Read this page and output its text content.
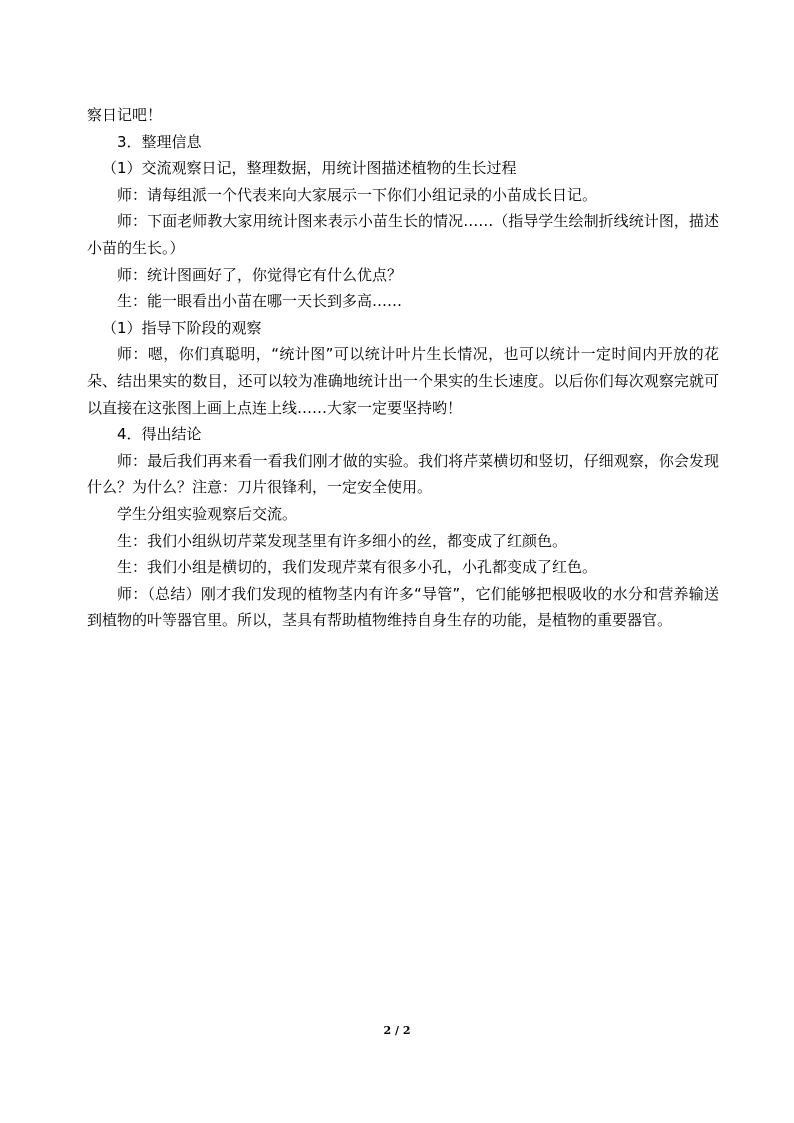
察日记吧！

3．整理信息

（1）交流观察日记，整理数据，用统计图描述植物的生长过程

师：请每组派一个代表来向大家展示一下你们小组记录的小苗成长日记。

师：下面老师教大家用统计图来表示小苗生长的情况……（指导学生绘制折线统计图，描述小苗的生长。）

师：统计图画好了，你觉得它有什么优点？

生：能一眼看出小苗在哪一天长到多高……

（1）指导下阶段的观察

师：嗯，你们真聪明，“统计图”可以统计叶片生长情况，也可以统计一定时间内开放的花朵、结出果实的数目，还可以较为准确地统计出一个果实的生长速度。以后你们每次观察完就可以直接在这张图上画上点连上线……大家一定要坚持哟！

4．得出结论

师：最后我们再来看一看我们刚才做的实验。我们将芹菜横切和竖切，仔细观察，你会发现什么？为什么？注意：刀片很锋利，一定安全使用。

学生分组实验观察后交流。

生：我们小组纵切芹菜发现茎里有许多细小的丝，都变成了红颜色。

生：我们小组是横切的，我们发现芹菜有很多小孔，小孔都变成了红色。

师：（总结）刚才我们发现的植物茎内有许多“导管”，它们能够把根吸收的水分和营养输送到植物的叶等器官里。所以，茎具有帮助植物维持自身生存的功能，是植物的重要器官。

2 / 2
